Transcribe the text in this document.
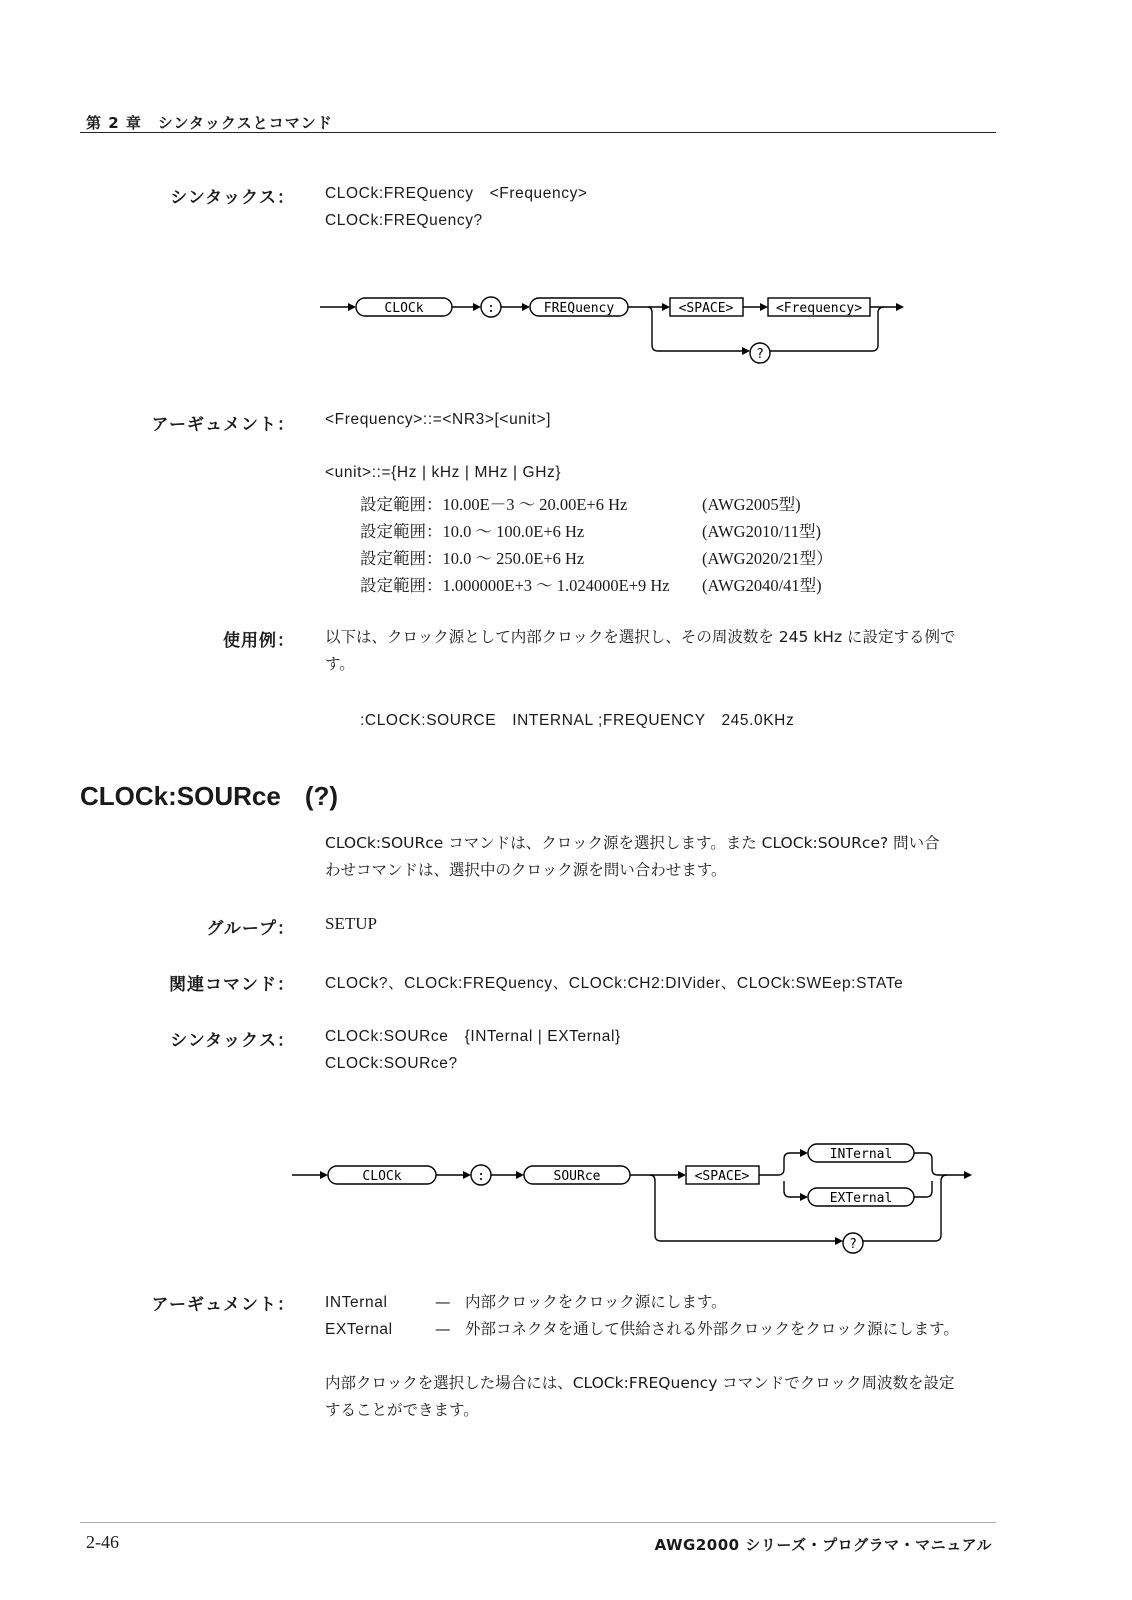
第 2 章　シンタックスとコマンド
シンタックス： CLOCk:FREQuency　<Frequency>
CLOCk:FREQuency?
CLOCk	:	FREQuency	<SPACE>	<Frequency>
?
アーギュメント： <Frequency>::=<NR3>[<unit>]
<unit>::={Hz | kHz | MHz | GHz}
設定範囲：10.00E－3 〜 20.00E+6 Hz	(AWG2005型)
設定範囲：10.0 〜 100.0E+6 Hz	(AWG2010/11型)
設定範囲：10.0 〜 250.0E+6 Hz	(AWG2020/21型）
設定範囲：1.000000E+3 〜 1.024000E+9 Hz (AWG2040/41型)
使用例： 以下は、クロック源として内部クロックを選択し、その周波数を 245 kHz に設定する例で
す。
:CLOCK:SOURCE　INTERNAL ;FREQUENCY　245.0KHz
CLOCk:SOURce (?)
CLOCk:SOURce コマンドは、クロック源を選択します。また CLOCk:SOURce? 問い合
わせコマンドは、選択中のクロック源を問い合わせます。
グループ： SETUP
関連コマンド： CLOCk?、CLOCk:FREQuency、CLOCk:CH2:DIVider、CLOCk:SWEep:STATe
シンタックス： CLOCk:SOURce　{INTernal | EXTernal}
CLOCk:SOURce?
CLOCk	:	SOURce	<SPACE>
INTernal
EXTernal
?
アーギュメント： INTernal	— 内部クロックをクロック源にします。
EXTernal	— 外部コネクタを通して供給される外部クロックをクロック源にします。
内部クロックを選択した場合には、CLOCk:FREQuency コマンドでクロック周波数を設定
することができます。
2-46	AWG2000 シリーズ・プログラマ・マニュアル
